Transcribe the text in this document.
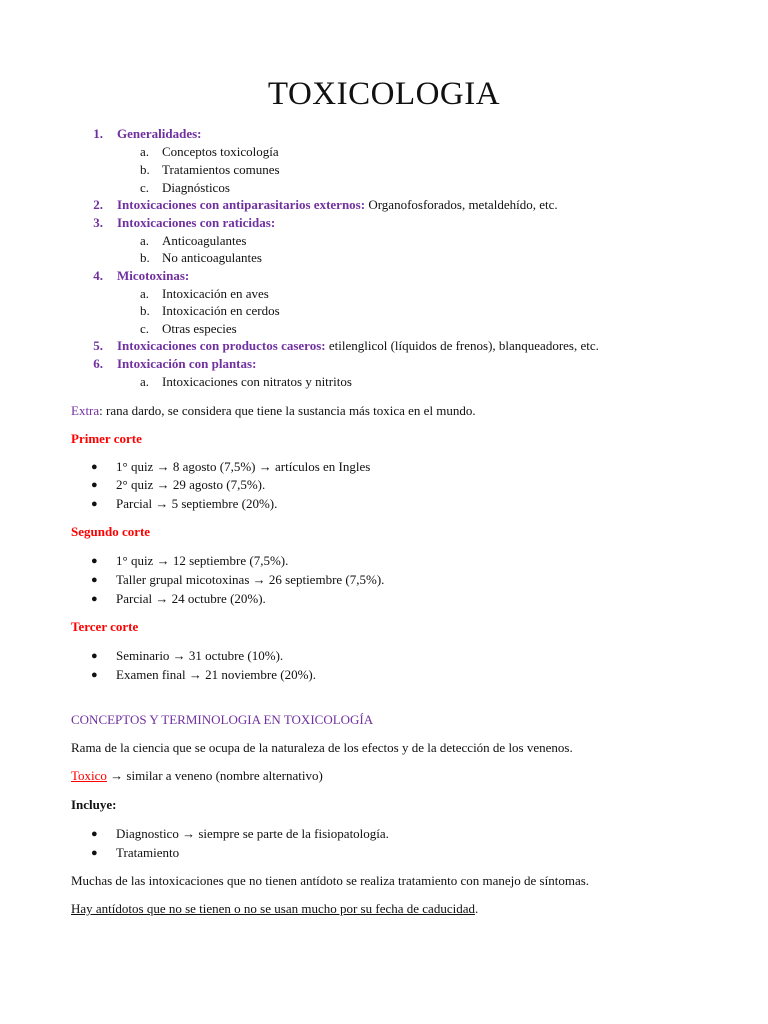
TOXICOLOGIA
1. Generalidades:
a. Conceptos toxicología
b. Tratamientos comunes
c. Diagnósticos
2. Intoxicaciones con antiparasitarios externos: Organofosforados, metaldehído, etc.
3. Intoxicaciones con raticidas:
a. Anticoagulantes
b. No anticoagulantes
4. Micotoxinas:
a. Intoxicación en aves
b. Intoxicación en cerdos
c. Otras especies
5. Intoxicaciones con productos caseros: etilenglicol (líquidos de frenos), blanqueadores, etc.
6. Intoxicación con plantas:
a. Intoxicaciones con nitratos y nitritos
Extra: rana dardo, se considera que tiene la sustancia más toxica en el mundo.
Primer corte
● 1° quiz → 8 agosto (7,5%) → artículos en Ingles
● 2° quiz → 29 agosto (7,5%).
● Parcial → 5 septiembre (20%).
Segundo corte
● 1° quiz → 12 septiembre (7,5%).
● Taller grupal micotoxinas → 26 septiembre (7,5%).
● Parcial → 24 octubre (20%).
Tercer corte
● Seminario → 31 octubre (10%).
● Examen final → 21 noviembre (20%).
CONCEPTOS Y TERMINOLOGIA EN TOXICOLOGÍA
Rama de la ciencia que se ocupa de la naturaleza de los efectos y de la detección de los venenos.
Toxico → similar a veneno (nombre alternativo)
Incluye:
● Diagnostico → siempre se parte de la fisiopatología.
● Tratamiento
Muchas de las intoxicaciones que no tienen antídoto se realiza tratamiento con manejo de síntomas.
Hay antídotos que no se tienen o no se usan mucho por su fecha de caducidad.
